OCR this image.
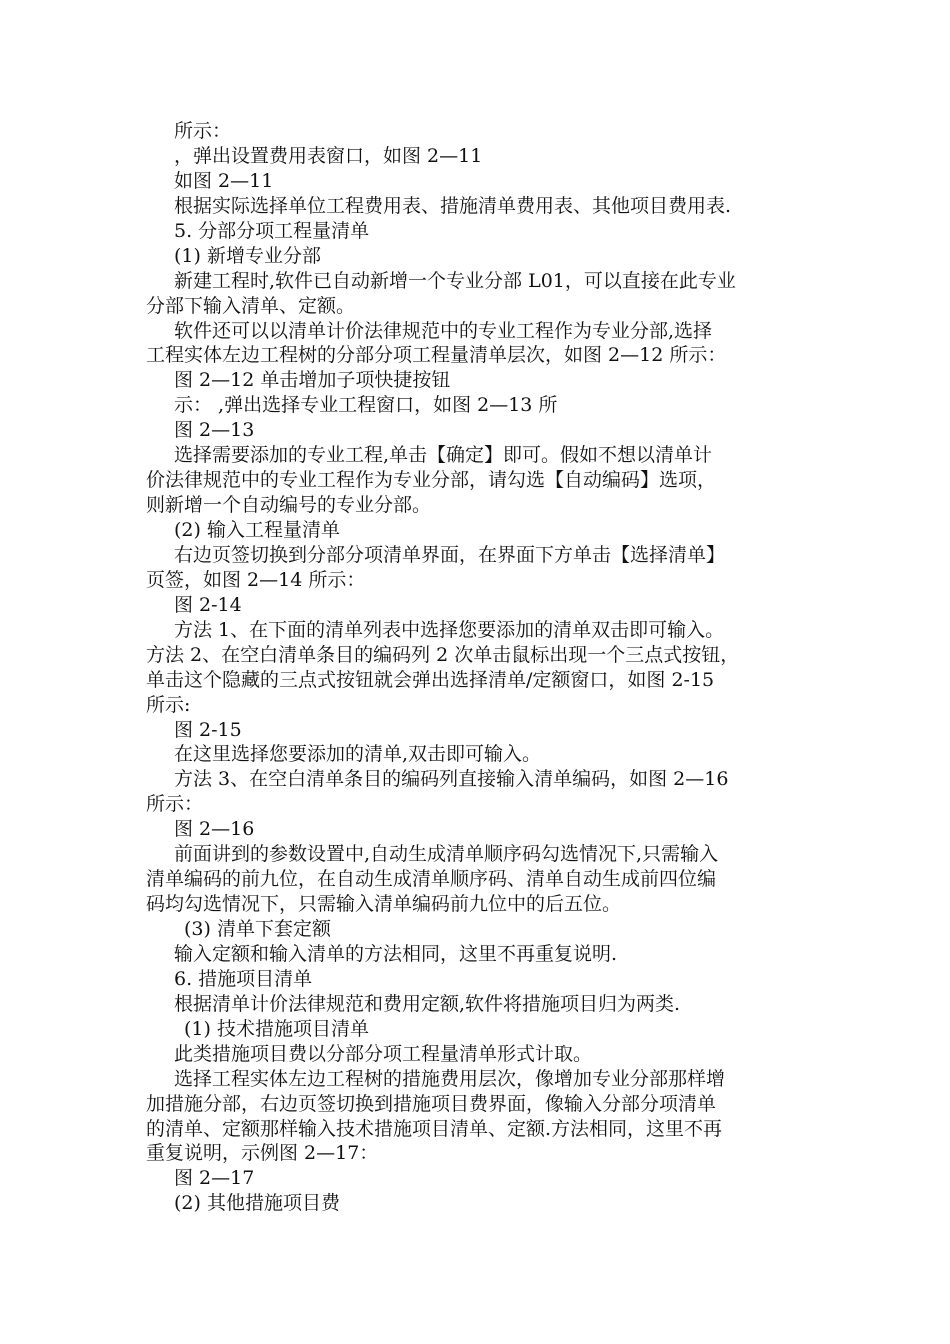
所示：
，弹出设置费用表窗口，如图 2—11
如图 2—11
根据实际选择单位工程费用表、措施清单费用表、其他项目费用表.
5. 分部分项工程量清单
(1) 新增专业分部
新建工程时,软件已自动新增一个专业分部 L01，可以直接在此专业
分部下输入清单、定额。
软件还可以以清单计价法律规范中的专业工程作为专业分部,选择
工程实体左边工程树的分部分项工程量清单层次，如图 2—12 所示：
图 2—12 单击增加子项快捷按钮
示： ,弹出选择专业工程窗口，如图 2—13 所
图 2—13
选择需要添加的专业工程,单击【确定】即可。假如不想以清单计
价法律规范中的专业工程作为专业分部，请勾选【自动编码】选项，
则新增一个自动编号的专业分部。
(2) 输入工程量清单
右边页签切换到分部分项清单界面，在界面下方单击【选择清单】
页签，如图 2—14 所示：
图 2-14
方法 1、在下面的清单列表中选择您要添加的清单双击即可输入。
方法 2、在空白清单条目的编码列 2 次单击鼠标出现一个三点式按钮，
单击这个隐藏的三点式按钮就会弹出选择清单/定额窗口，如图 2-15
所示:
图 2-15
在这里选择您要添加的清单,双击即可输入。
方法 3、在空白清单条目的编码列直接输入清单编码，如图 2—16
所示：
图 2—16
前面讲到的参数设置中,自动生成清单顺序码勾选情况下,只需输入
清单编码的前九位，在自动生成清单顺序码、清单自动生成前四位编
码均勾选情况下，只需输入清单编码前九位中的后五位。
(3) 清单下套定额
输入定额和输入清单的方法相同，这里不再重复说明.
6. 措施项目清单
根据清单计价法律规范和费用定额,软件将措施项目归为两类.
(1) 技术措施项目清单
此类措施项目费以分部分项工程量清单形式计取。
选择工程实体左边工程树的措施费用层次，像增加专业分部那样增
加措施分部，右边页签切换到措施项目费界面，像输入分部分项清单
的清单、定额那样输入技术措施项目清单、定额.方法相同，这里不再
重复说明，示例图 2—17：
图 2—17
(2) 其他措施项目费
